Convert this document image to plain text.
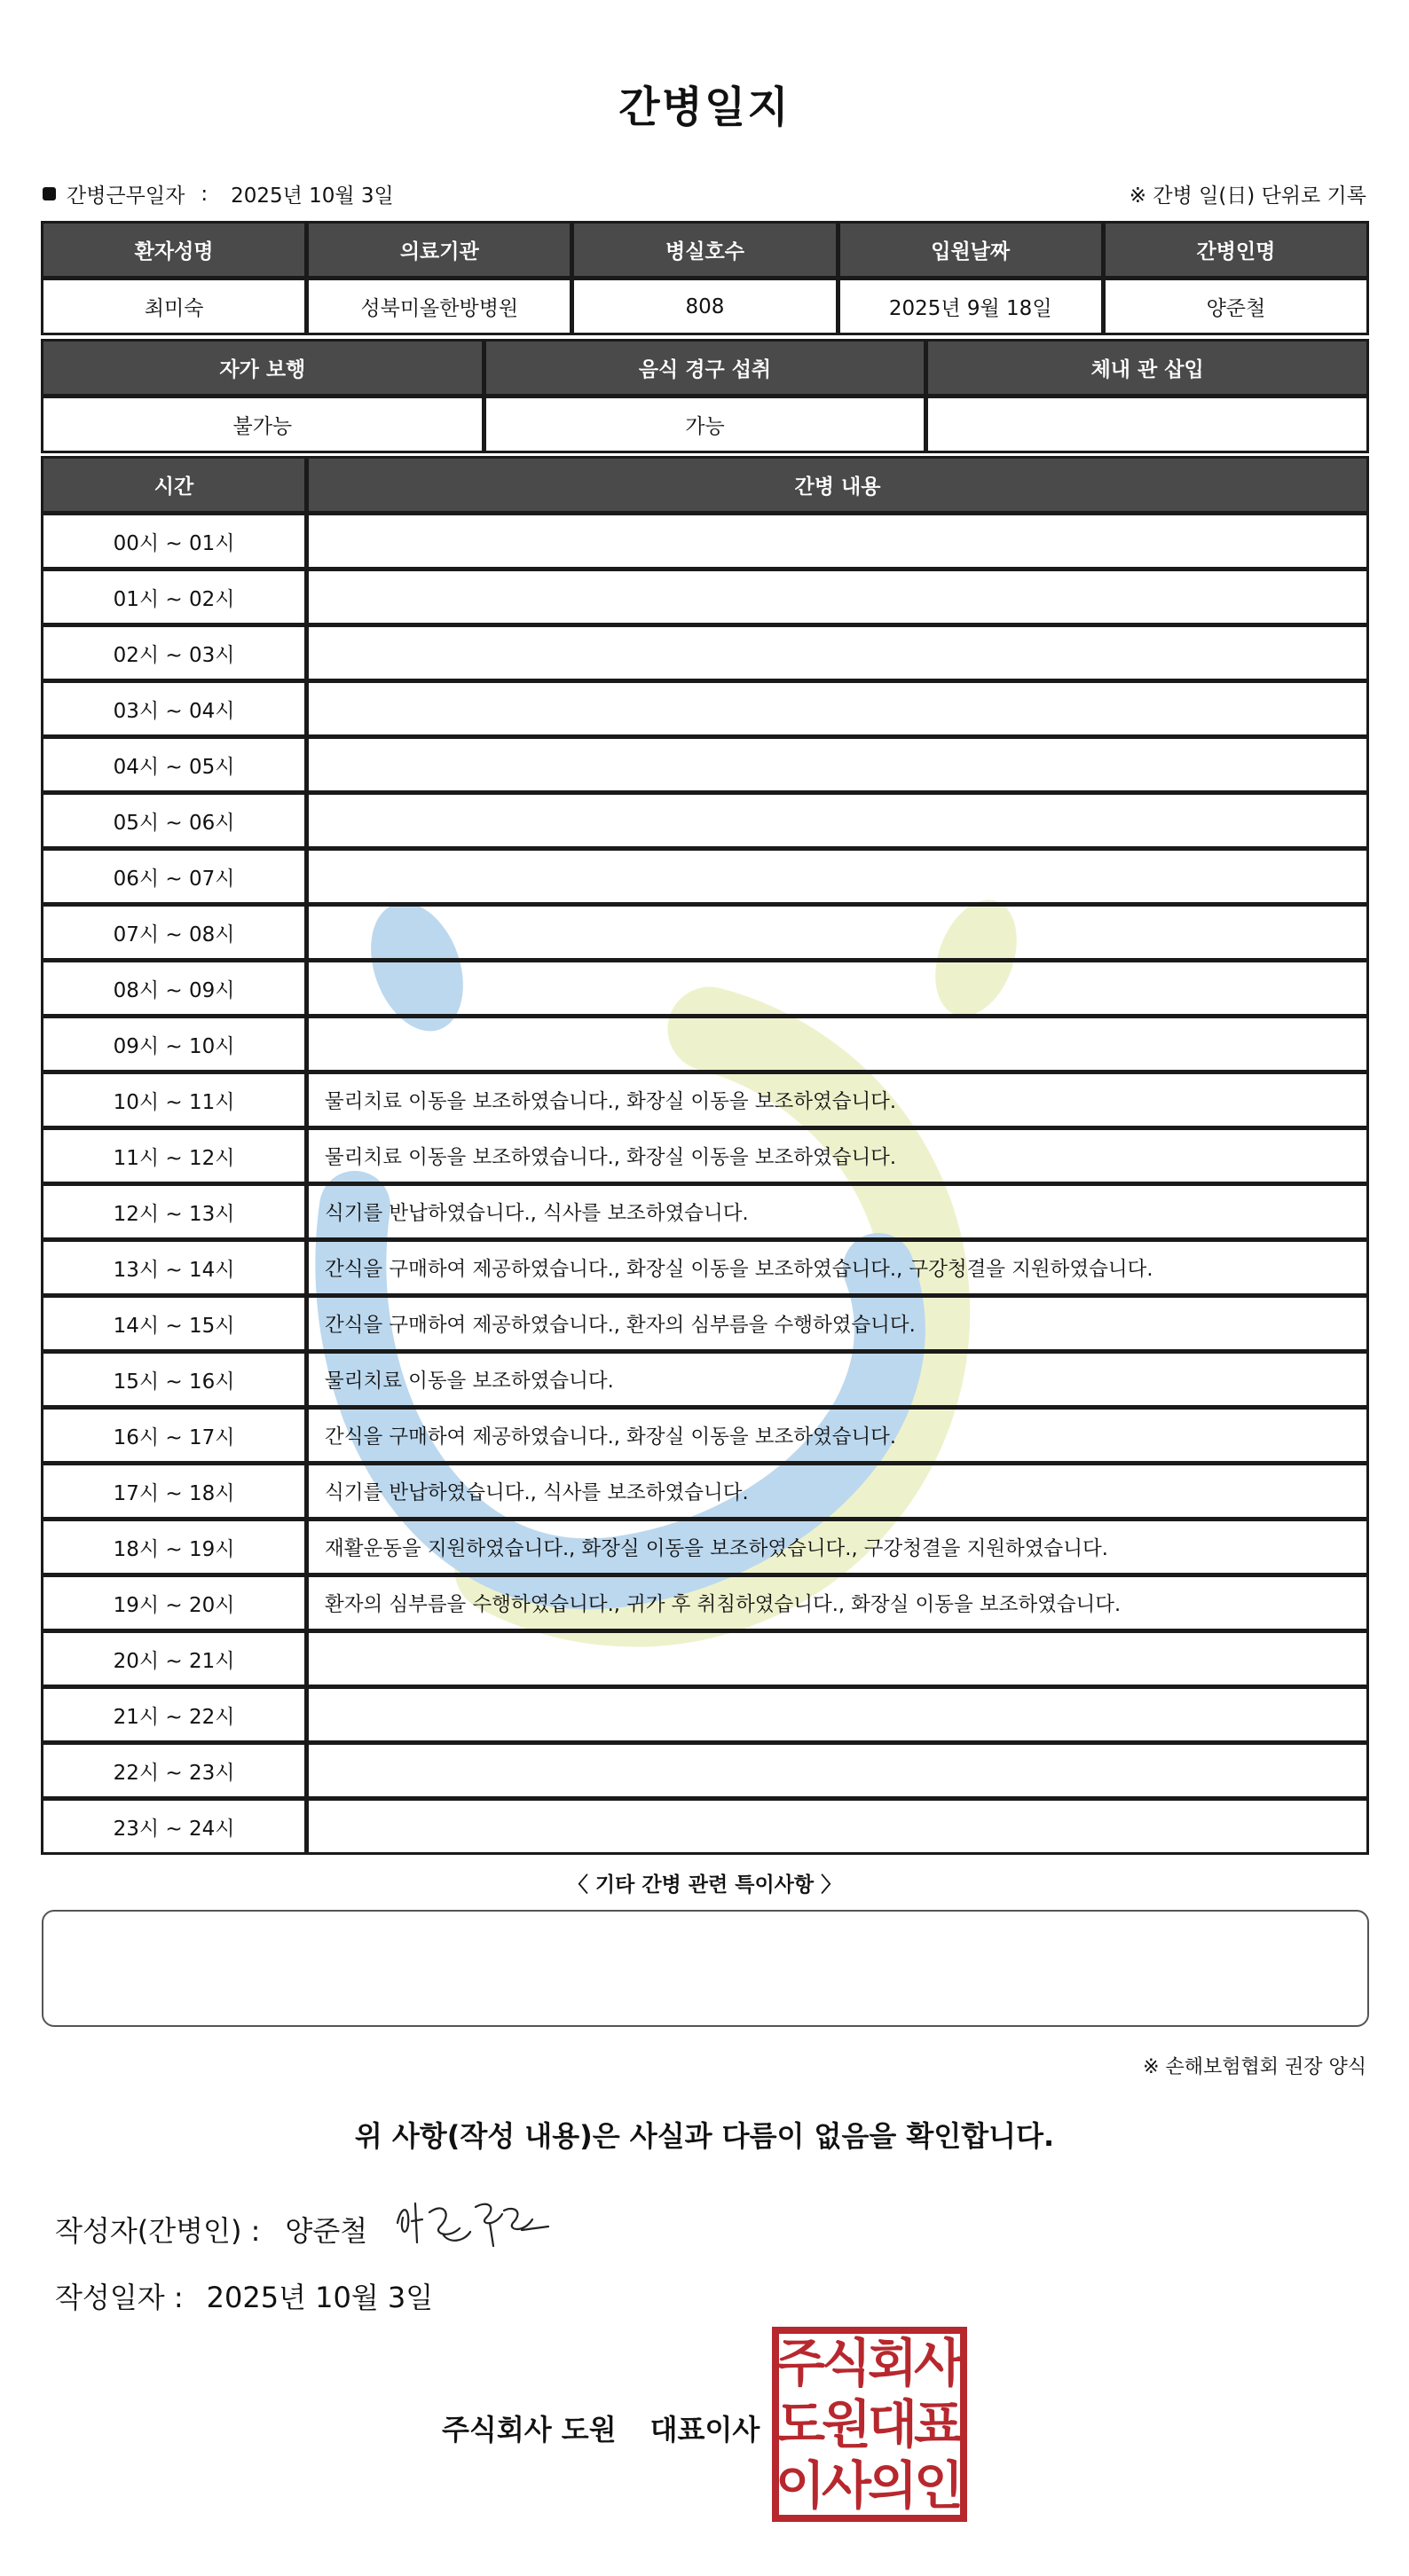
간병일지
간병근무일자 : 2025년 10월 3일	※ 간병 일(日) 단위로 기록
환자성명	의료기관	병실호수	입원날짜	간병인명
최미숙	성북미올한방병원	808	2025년 9월 18일	양준철
자가 보행	음식 경구 섭취	체내 관 삽입
불가능	가능
시간	간병 내용
00시 ~ 01시
01시 ~ 02시
02시 ~ 03시
03시 ~ 04시
04시 ~ 05시
05시 ~ 06시
06시 ~ 07시
07시 ~ 08시
08시 ~ 09시
09시 ~ 10시
10시 ~ 11시	물리치료 이동을 보조하였습니다., 화장실 이동을 보조하였습니다.
11시 ~ 12시	물리치료 이동을 보조하였습니다., 화장실 이동을 보조하였습니다.
12시 ~ 13시	식기를 반납하였습니다., 식사를 보조하였습니다.
13시 ~ 14시	간식을 구매하여 제공하였습니다., 화장실 이동을 보조하였습니다., 구강청결을 지원하였습니다.
14시 ~ 15시	간식을 구매하여 제공하였습니다., 환자의 심부름을 수행하였습니다.
15시 ~ 16시	물리치료 이동을 보조하였습니다.
16시 ~ 17시	간식을 구매하여 제공하였습니다., 화장실 이동을 보조하였습니다.
17시 ~ 18시	식기를 반납하였습니다., 식사를 보조하였습니다.
18시 ~ 19시	재활운동을 지원하였습니다., 화장실 이동을 보조하였습니다., 구강청결을 지원하였습니다.
19시 ~ 20시	환자의 심부름을 수행하였습니다., 귀가 후 취침하였습니다., 화장실 이동을 보조하였습니다.
20시 ~ 21시
21시 ~ 22시
22시 ~ 23시
23시 ~ 24시
〈 기타 간병 관련 특이사항 〉
※ 손해보험협회 권장 양식
위 사항(작성 내용)은 사실과 다름이 없음을 확인합니다.
작성자(간병인) : 양준철
작성일자 : 2025년 10월 3일
주식회사 도원 대표이사
주
식
회
사
도
원
대
표
이
사
의
인
